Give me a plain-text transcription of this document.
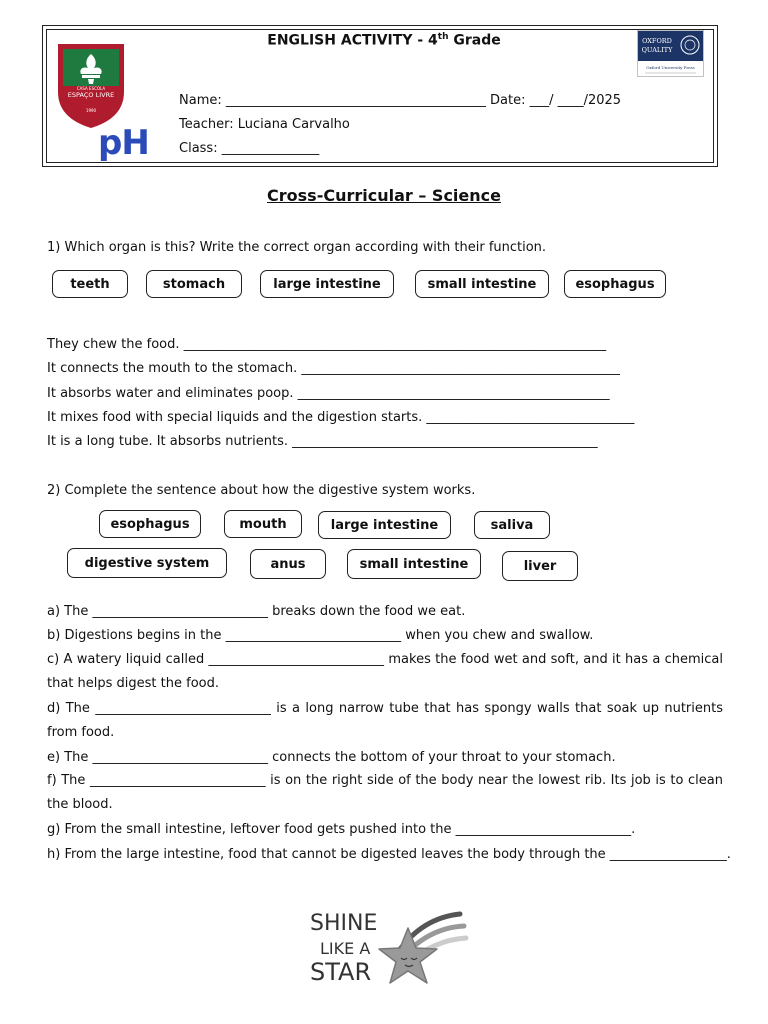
CASA ESCOLA
ESPAÇO LIVRE
1990
pH
OXFORD
QUALITY
Oxford University Press
ENGLISH ACTIVITY - 4th Grade
Name: ________________________________________ Date: ___/ ____/2025
Teacher: Luciana Carvalho
Class: _______________
Cross-Curricular – Science
1) Which organ is this? Write the correct organ according with their function.
teeth	stomach	large intestine	small intestine	esophagus
They chew the food. _________________________________________________________________
It connects the mouth to the stomach. _________________________________________________
It absorbs water and eliminates poop. ________________________________________________
It mixes food with special liquids and the digestion starts. ________________________________
It is a long tube. It absorbs nutrients. _______________________________________________
2) Complete the sentence about how the digestive system works.
esophagus	mouth	large intestine	saliva
digestive system	anus	small intestine	liver
a) The ___________________________ breaks down the food we eat.
b) Digestions begins in the ___________________________ when you chew and swallow.
c) A watery liquid called ___________________________ makes the food wet and soft, and it has a chemical that helps digest the food.
d) The ___________________________ is a long narrow tube that has spongy walls that soak up nutrients from food.
e) The ___________________________ connects the bottom of your throat to your stomach.
f) The ___________________________ is on the right side of the body near the lowest rib. Its job is to clean the blood.
g) From the small intestine, leftover food gets pushed into the ___________________________.
h) From the large intestine, food that cannot be digested leaves the body through the __________________.
SHINE
LIKE A
STAR
